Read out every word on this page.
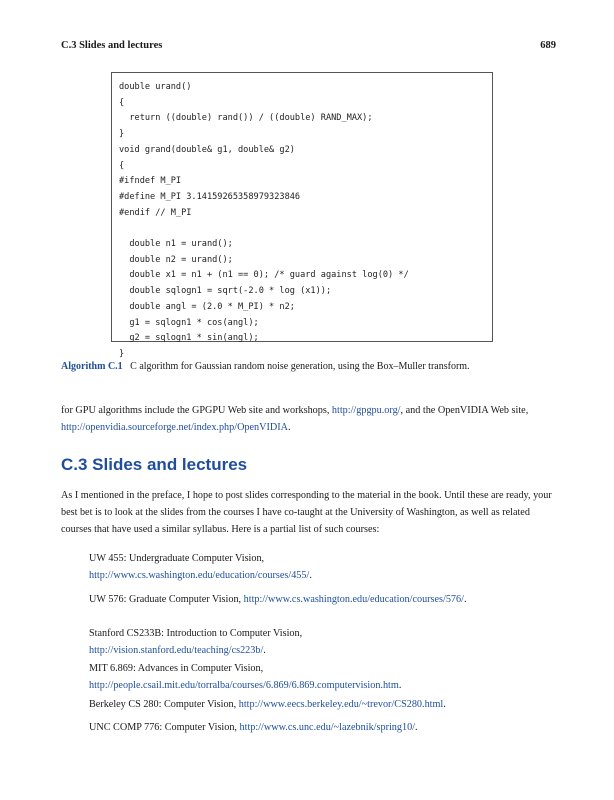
C.3 Slides and lectures	689
double urand()
{
return ((double) rand()) / ((double) RAND_MAX);
}
void grand(double& g1, double& g2)
{
#ifndef M_PI
#define M_PI 3.14159265358979323846
#endif // M_PI

double n1 = urand();
double n2 = urand();
double x1 = n1 + (n1 == 0); /* guard against log(0) */
double sqlogn1 = sqrt(-2.0 * log (x1));
double angl = (2.0 * M_PI) * n2;
g1 = sqlogn1 * cos(angl);
g2 = sqlogn1 * sin(angl);
}
Algorithm C.1 C algorithm for Gaussian random noise generation, using the Box–Muller transform.

for GPU algorithms include the GPGPU Web site and workshops, http://gpgpu.org/, and the OpenVIDIA Web site, http://openvidia.sourceforge.net/index.php/OpenVIDIA.

C.3 Slides and lectures

As I mentioned in the preface, I hope to post slides corresponding to the material in the book. Until these are ready, your best bet is to look at the slides from the courses I have co-taught at the University of Washington, as well as related courses that have used a similar syllabus. Here is a partial list of such courses:

UW 455: Undergraduate Computer Vision, http://www.cs.washington.edu/education/courses/455/.
UW 576: Graduate Computer Vision, http://www.cs.washington.edu/education/courses/576/.
Stanford CS233B: Introduction to Computer Vision, http://vision.stanford.edu/teaching/cs223b/.
MIT 6.869: Advances in Computer Vision, http://people.csail.mit.edu/torralba/courses/6.869/6.869.computervision.htm.
Berkeley CS 280: Computer Vision, http://www.eecs.berkeley.edu/~trevor/CS280.html.
UNC COMP 776: Computer Vision, http://www.cs.unc.edu/~lazebnik/spring10/.
